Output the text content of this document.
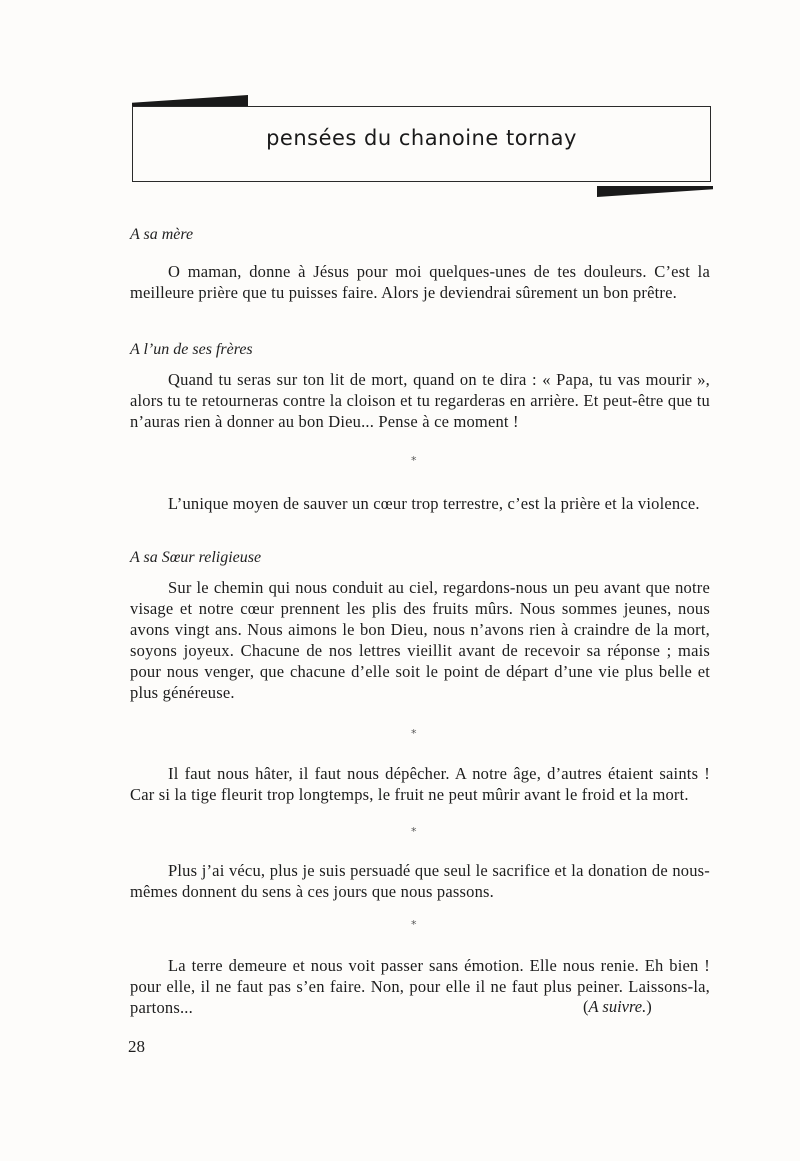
pensées du chanoine tornay
A sa mère
O maman, donne à Jésus pour moi quelques-unes de tes douleurs. C’est la meilleure prière que tu puisses faire. Alors je deviendrai sûrement un bon prêtre.
A l’un de ses frères
Quand tu seras sur ton lit de mort, quand on te dira : « Papa, tu vas mourir », alors tu te retourneras contre la cloison et tu regarderas en arrière. Et peut-être que tu n’auras rien à donner au bon Dieu... Pense à ce moment !
*
L’unique moyen de sauver un cœur trop terrestre, c’est la prière et la violence.
A sa Sœur religieuse
Sur le chemin qui nous conduit au ciel, regardons-nous un peu avant que notre visage et notre cœur prennent les plis des fruits mûrs. Nous sommes jeunes, nous avons vingt ans. Nous aimons le bon Dieu, nous n’avons rien à craindre de la mort, soyons joyeux. Chacune de nos lettres vieillit avant de recevoir sa réponse ; mais pour nous venger, que chacune d’elle soit le point de départ d’une vie plus belle et plus généreuse.
*
Il faut nous hâter, il faut nous dépêcher. A notre âge, d’autres étaient saints ! Car si la tige fleurit trop longtemps, le fruit ne peut mûrir avant le froid et la mort.
*
Plus j’ai vécu, plus je suis persuadé que seul le sacrifice et la donation de nous-mêmes donnent du sens à ces jours que nous passons.
*
La terre demeure et nous voit passer sans émotion. Elle nous renie. Eh bien ! pour elle, il ne faut pas s’en faire. Non, pour elle il ne faut plus peiner. Laissons-la, partons...	(A suivre.)
28
